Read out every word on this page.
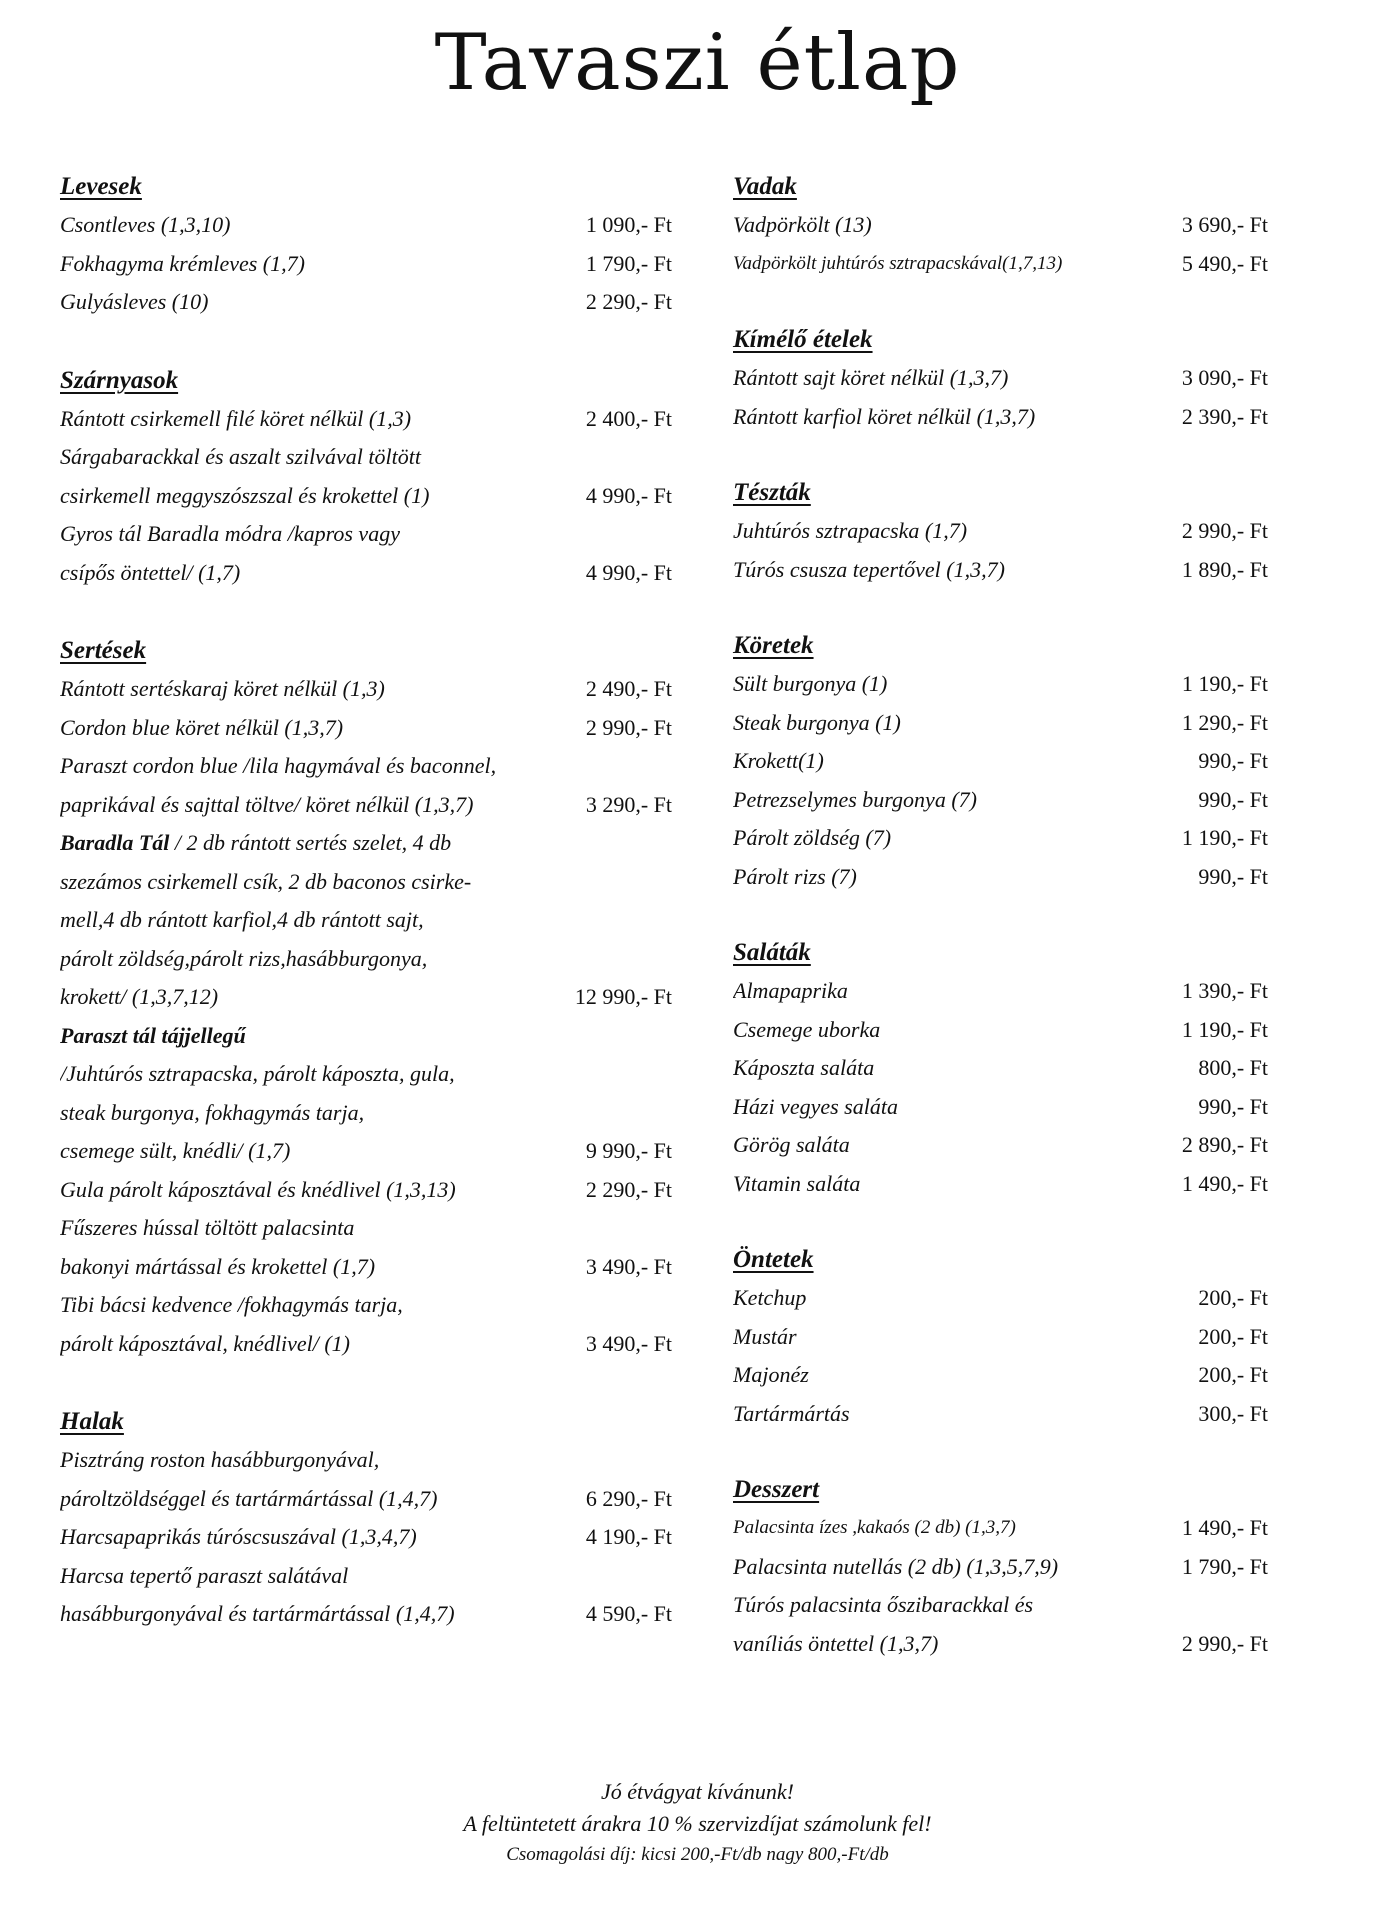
Tavaszi étlap
Levesek
Csontleves (1,3,10)	1 090,- Ft
Fokhagyma krémleves (1,7)	1 790,- Ft
Gulyásleves (10)	2 290,- Ft
Szárnyasok
Rántott csirkemell filé köret nélkül (1,3)	2 400,- Ft
Sárgabarackkal és aszalt szilvával töltött
csirkemell meggyszószszal és krokettel (1)	4 990,- Ft
Gyros tál Baradla módra /kapros vagy
csípős öntettel/ (1,7)	4 990,- Ft
Sertések
Rántott sertéskaraj köret nélkül (1,3)	2 490,- Ft
Cordon blue köret nélkül (1,3,7)	2 990,- Ft
Paraszt cordon blue /lila hagymával és baconnel,
paprikával és sajttal töltve/ köret nélkül (1,3,7)	3 290,- Ft
Baradla Tál / 2 db rántott sertés szelet, 4 db
szezámos csirkemell csík, 2 db baconos csirke-
mell,4 db rántott karfiol,4 db rántott sajt,
párolt zöldség,párolt rizs,hasábburgonya,
krokett/ (1,3,7,12)	12 990,- Ft
Paraszt tál tájjellegű
/Juhtúrós sztrapacska, párolt káposzta, gula,
steak burgonya, fokhagymás tarja,
csemege sült, knédli/ (1,7)	9 990,- Ft
Gula párolt káposztával és knédlivel (1,3,13)	2 290,- Ft
Fűszeres hússal töltött palacsinta
bakonyi mártással és krokettel (1,7)	3 490,- Ft
Tibi bácsi kedvence /fokhagymás tarja,
párolt káposztával, knédlivel/ (1)	3 490,- Ft
Halak
Pisztráng roston hasábburgonyával,
pároltzöldséggel és tartármártással (1,4,7)	6 290,- Ft
Harcsapaprikás túróscsuszával (1,3,4,7)	4 190,- Ft
Harcsa tepertő paraszt salátával
hasábburgonyával és tartármártással (1,4,7)	4 590,- Ft
Vadak
Vadpörkölt (13)	3 690,- Ft
Vadpörkölt juhtúrós sztrapacskával(1,7,13)	5 490,- Ft
Kímélő ételek
Rántott sajt köret nélkül (1,3,7)	3 090,- Ft
Rántott karfiol köret nélkül (1,3,7)	2 390,- Ft
Tészták
Juhtúrós sztrapacska (1,7)	2 990,- Ft
Túrós csusza tepertővel (1,3,7)	1 890,- Ft
Köretek
Sült burgonya (1)	1 190,- Ft
Steak burgonya (1)	1 290,- Ft
Krokett(1)	990,- Ft
Petrezselymes burgonya (7)	990,- Ft
Párolt zöldség (7)	1 190,- Ft
Párolt rizs (7)	990,- Ft
Saláták
Almapaprika	1 390,- Ft
Csemege uborka	1 190,- Ft
Káposzta saláta	800,- Ft
Házi vegyes saláta	990,- Ft
Görög saláta	2 890,- Ft
Vitamin saláta	1 490,- Ft
Öntetek
Ketchup	200,- Ft
Mustár	200,- Ft
Majonéz	200,- Ft
Tartármártás	300,- Ft
Desszert
Palacsinta ízes ,kakaós (2 db) (1,3,7)	1 490,- Ft
Palacsinta nutellás (2 db) (1,3,5,7,9)	1 790,- Ft
Túrós palacsinta őszibarackkal és
vaníliás öntettel (1,3,7)	2 990,- Ft
Jó étvágyat kívánunk!
A feltüntetett árakra 10 % szervizdíjat számolunk fel!
Csomagolási díj: kicsi 200,-Ft/db nagy 800,-Ft/db
